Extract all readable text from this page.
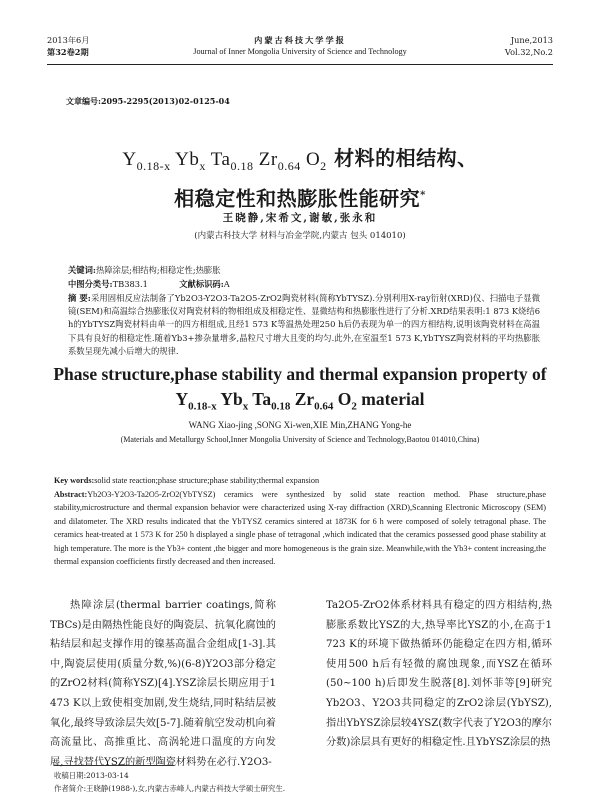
2013年6月
第32卷2期
内蒙古科技大学学报
Journal of Inner Mongolia University of Science and Technology
June,2013
Vol.32,No.2
文章编号:2095-2295(2013)02-0125-04
$Y_{0.18-x}$ $Yb_x$ $Ta_{0.18}$ $Zr_{0.64}$ $O_2$ 材料的相结构、
相稳定性和热膨胀性能研究*
王晓静,宋希文,谢敏,张永和
(内蒙古科技大学 材料与冶金学院,内蒙古 包头 014010)
关键词:热障涂层;相结构;相稳定性;热膨胀
中图分类号:TB383.1	文献标识码:A
摘 要:采用固相反应法制备了Yb2O3-Y2O3-Ta2O5-ZrO2陶瓷材料(简称YbTYSZ).分别利用X-ray衍射(XRD)仪、扫描电子显微镜(SEM)和高温综合热膨胀仪对陶瓷材料的物相组成及相稳定性、显微结构和热膨胀性进行了分析.XRD结果表明:1 873 K烧结6 h的YbTYSZ陶瓷材料由单一的四方相组成,且经1 573 K等温热处理250 h后仍表现为单一的四方相结构,说明该陶瓷材料在高温下具有良好的相稳定性.随着Yb3+掺杂量增多,晶粒尺寸增大且变的均匀.此外,在室温至1 573 K,YbTYSZ陶瓷材料的平均热膨胀系数呈现先减小后增大的规律.
Phase structure,phase stability and thermal expansion property of
$Y_{0.18-x}$ $Yb_x$ $Ta_{0.18}$ $Zr_{0.64}$ $O_2$ material
WANG Xiao-jing ,SONG Xi-wen,XIE Min,ZHANG Yong-he
(Materials and Metallurgy School,Inner Mongolia University of Science and Technology,Baotou 014010,China)
Key words:solid state reaction;phase structure;phase stability;thermal expansion
Abstract:Yb2O3-Y2O3-Ta2O5-ZrO2(YbTYSZ) ceramics were synthesized by solid state reaction method. Phase structure,phase stability,microstructure and thermal expansion behavior were characterized using X-ray diffraction (XRD),Scanning Electronic Microscopy (SEM) and dilatometer. The XRD results indicated that the YbTYSZ ceramics sintered at 1873K for 6 h were composed of solely tetragonal phase. The ceramics heat-treated at 1 573 K for 250 h displayed a single phase of tetragonal ,which indicated that the ceramics possessed good phase stability at high temperature. The more is the Yb3+ content ,the bigger and more homogeneous is the grain size. Meanwhile,with the Yb3+ content increasing,the thermal expansion coefficients firstly decreased and then increased.
热障涂层(thermal barrier coatings,简称TBCs)是由隔热性能良好的陶瓷层、抗氧化腐蚀的粘结层和起支撑作用的镍基高温合金组成[1-3].其中,陶瓷层使用(质量分数,%)(6-8)Y2O3部分稳定的ZrO2材料(简称YSZ)[4].YSZ涂层长期应用于1 473 K以上致使相变加剧,发生烧结,同时粘结层被氧化,最终导致涂层失效[5-7].随着航空发动机向着高流量比、高推重比、高涡轮进口温度的方向发展,寻找替代YSZ的新型陶瓷材料势在必行.Y2O3-
Ta2O5-ZrO2体系材料具有稳定的四方相结构,热膨胀系数比YSZ的大,热导率比YSZ的小,在高于1 723 K的环境下做热循环仍能稳定在四方相,循环使用500 h后有轻微的腐蚀现象,而YSZ在循环(50~100 h)后即发生脱落[8].刘怀菲等[9]研究Yb2O3、Y2O3共同稳定的ZrO2涂层(YbYSZ),指出YbYSZ涂层较4YSZ(数字代表了Y2O3的摩尔分数)涂层具有更好的相稳定性.且YbYSZ涂层的热
收稿日期:2013-03-14
作者简介:王晓静(1988-),女,内蒙古赤峰人,内蒙古科技大学硕士研究生.
